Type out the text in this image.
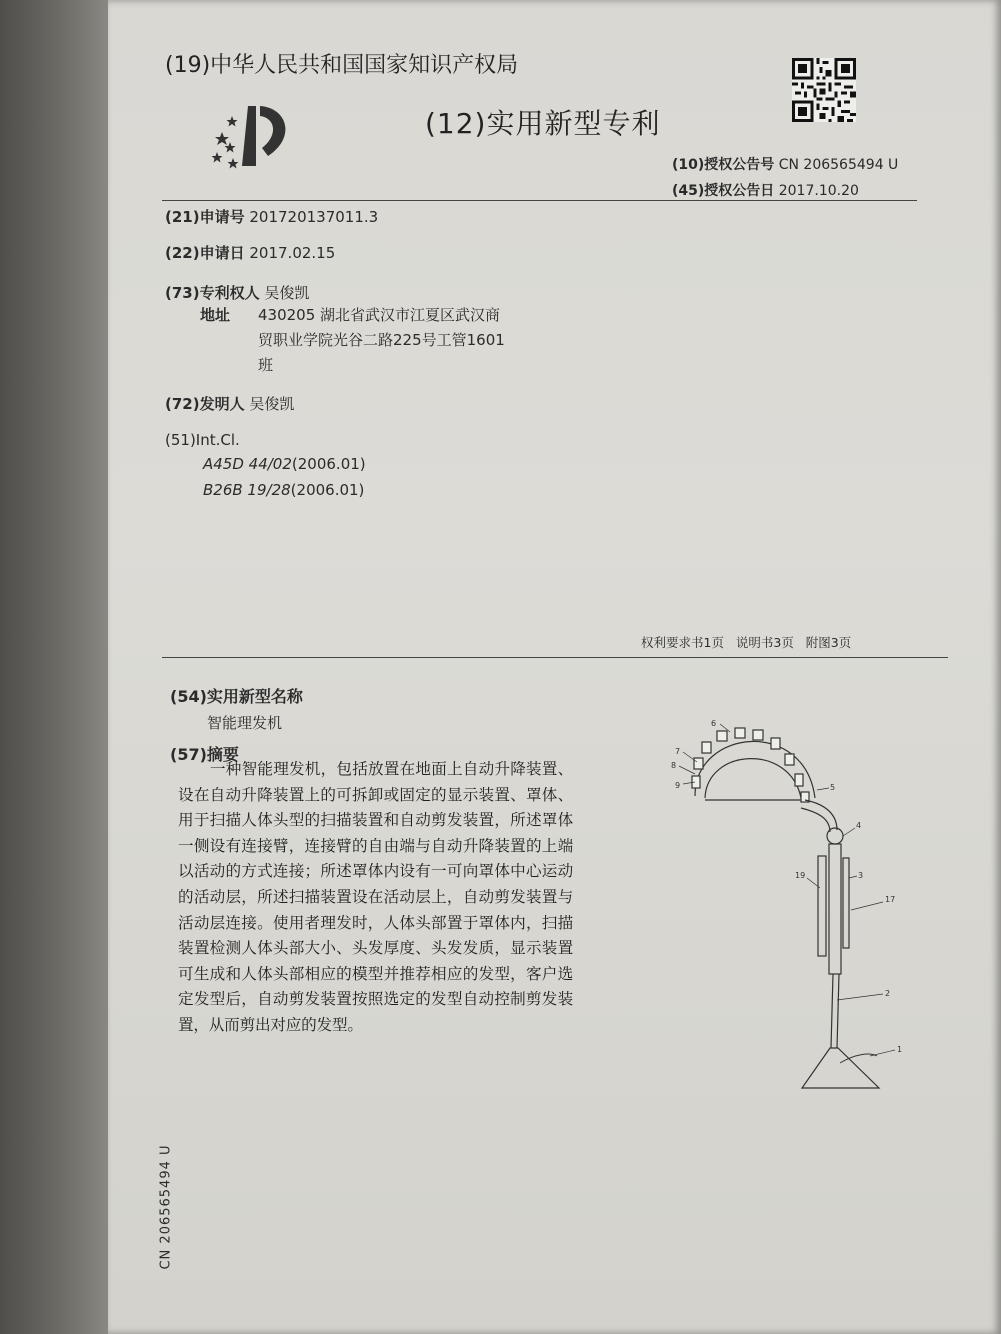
(19)中华人民共和国国家知识产权局
(12)实用新型专利
(10)授权公告号 CN 206565494 U
(45)授权公告日 2017.10.20
(21)申请号 201720137011.3
(22)申请日 2017.02.15
(73)专利权人 吴俊凯
地址 430205 湖北省武汉市江夏区武汉商
贸职业学院光谷二路225号工管1601
班
(72)发明人 吴俊凯
(51)Int.Cl.
A45D 44/02(2006.01)
B26B 19/28(2006.01)
权利要求书1页   说明书3页   附图3页
(54)实用新型名称
智能理发机
(57)摘要
一种智能理发机，包括放置在地面上自动升降装置、设在自动升降装置上的可拆卸或固定的显示装置、罩体、用于扫描人体头型的扫描装置和自动剪发装置，所述罩体一侧设有连接臂，连接臂的自由端与自动升降装置的上端以活动的方式连接；所述罩体内设有一可向罩体中心运动的活动层，所述扫描装置设在活动层上，自动剪发装置与活动层连接。使用者理发时，人体头部置于罩体内，扫描装置检测人体头部大小、头发厚度、头发发质，显示装置可生成和人体头部相应的模型并推荐相应的发型，客户选定发型后，自动剪发装置按照选定的发型自动控制剪发装置，从而剪出对应的发型。
CN 206565494 U
6
7
8
9	5
4
19	3
17
2
1
